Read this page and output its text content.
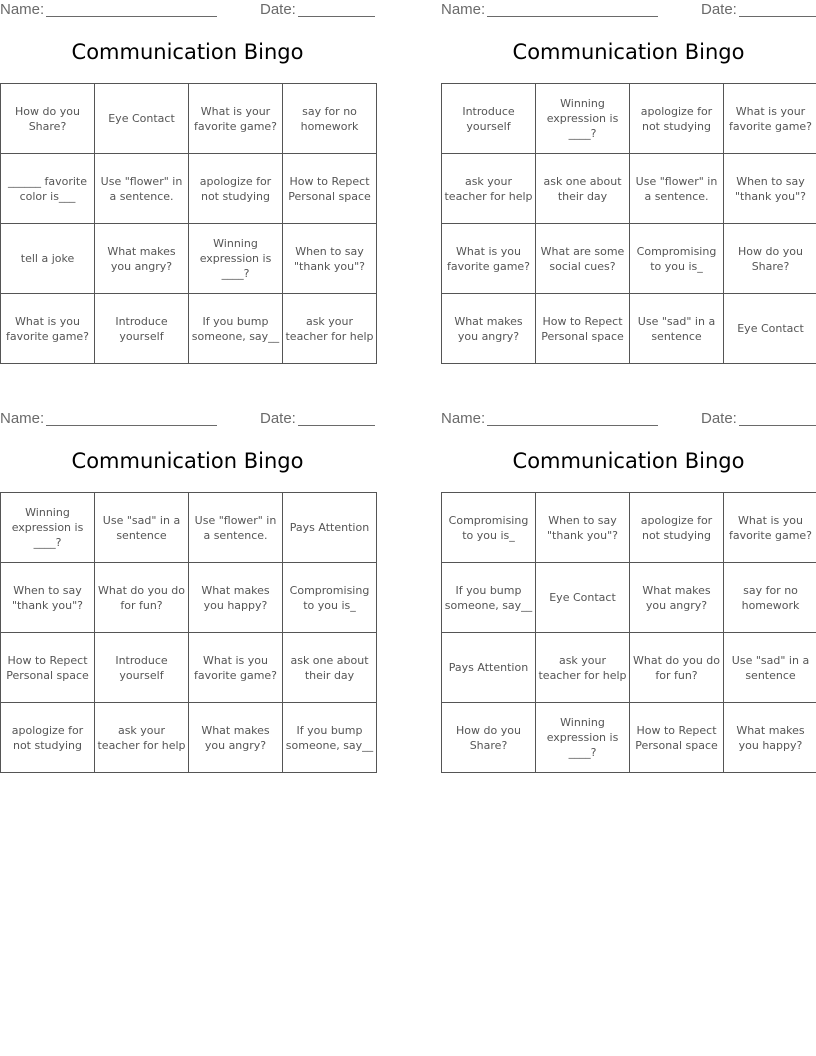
Name:	Date:
Communication Bingo
How do you Share?	Eye Contact	What is your favorite game?	say for no homework

______ favorite color is___	Use "flower" in a sentence.	apologize for not studying	How to Repect Personal space

tell a joke	What makes you angry?	Winning expression is ____?	When to say "thank you"?

What is you favorite game?	Introduce yourself	If you bump someone, say__	ask your teacher for help
Name:	Date:
Communication Bingo
Introduce yourself	Winning expression is ____?	apologize for not studying	What is your favorite game?

ask your teacher for help	ask one about their day	Use "flower" in a sentence.	When to say "thank you"?

What is you favorite game?	What are some social cues?	Compromising to you is_	How do you Share?

What makes you angry?	How to Repect Personal space	Use "sad" in a sentence	Eye Contact
Name:	Date:
Communication Bingo
Winning expression is ____?	Use "sad" in a sentence	Use "flower" in a sentence.	Pays Attention

When to say "thank you"?	What do you do for fun?	What makes you happy?	Compromising to you is_

How to Repect Personal space	Introduce yourself	What is you favorite game?	ask one about their day

apologize for not studying	ask your teacher for help	What makes you angry?	If you bump someone, say__
Name:	Date:
Communication Bingo
Compromising to you is_	When to say "thank you"?	apologize for not studying	What is you favorite game?

If you bump someone, say__	Eye Contact	What makes you angry?	say for no homework

Pays Attention	ask your teacher for help	What do you do for fun?	Use "sad" in a sentence

How do you Share?	Winning expression is ____?	How to Repect Personal space	What makes you happy?
